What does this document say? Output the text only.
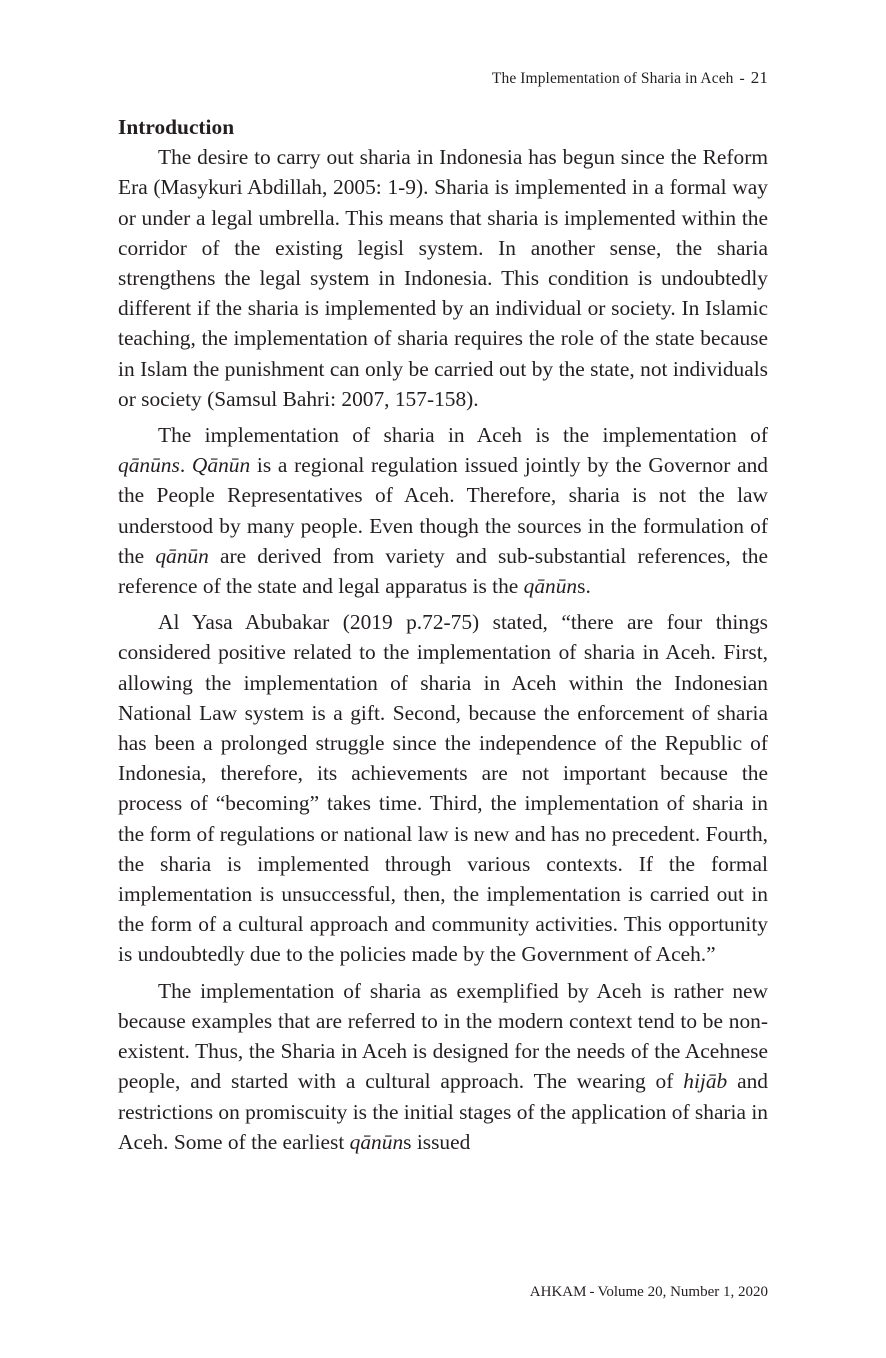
The Implementation of Sharia in Aceh - 21
Introduction

The desire to carry out sharia in Indonesia has begun since the Reform Era (Masykuri Abdillah, 2005: 1-9). Sharia is implemented in a formal way or under a legal umbrella. This means that sharia is implemented within the corridor of the existing legisl system. In another sense, the sharia strengthens the legal system in Indonesia. This condition is undoubtedly different if the sharia is implemented by an individual or society. In Islamic teaching, the implementation of sharia requires the role of the state because in Islam the punishment can only be carried out by the state, not individuals or society (Samsul Bahri: 2007, 157-158).

The implementation of sharia in Aceh is the implementation of qānūns. Qānūn is a regional regulation issued jointly by the Governor and the People Representatives of Aceh. Therefore, sharia is not the law understood by many people. Even though the sources in the formulation of the qānūn are derived from variety and sub-substantial references, the reference of the state and legal apparatus is the qānūns.

Al Yasa Abubakar (2019 p.72-75) stated, “there are four things considered positive related to the implementation of sharia in Aceh. First, allowing the implementation of sharia in Aceh within the Indonesian National Law system is a gift. Second, because the enforcement of sharia has been a prolonged struggle since the independence of the Republic of Indonesia, therefore, its achievements are not important because the process of “becoming” takes time. Third, the implementation of sharia in the form of regulations or national law is new and has no precedent. Fourth, the sharia is implemented through various contexts. If the formal implementation is unsuccessful, then, the implementation is carried out in the form of a cultural approach and community activities. This opportunity is undoubtedly due to the policies made by the Government of Aceh.”

The implementation of sharia as exemplified by Aceh is rather new because examples that are referred to in the modern context tend to be non-existent. Thus, the Sharia in Aceh is designed for the needs of the Acehnese people, and started with a cultural approach. The wearing of hijāb and restrictions on promiscuity is the initial stages of the application of sharia in Aceh. Some of the earliest qānūns issued

AHKAM - Volume 20, Number 1, 2020
